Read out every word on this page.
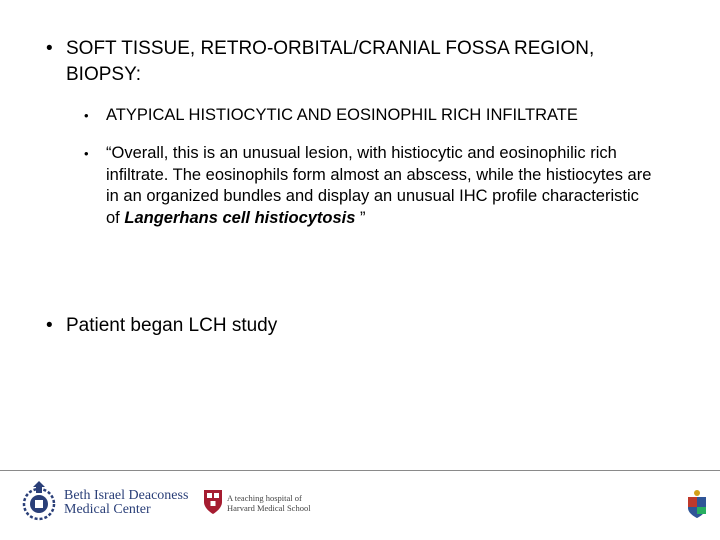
• SOFT TISSUE, RETRO-ORBITAL/CRANIAL FOSSA REGION, BIOPSY:
•	ATYPICAL HISTIOCYTIC AND EOSINOPHIL RICH INFILTRATE
•	“Overall, this is an unusual lesion, with histiocytic and eosinophilic rich infiltrate. The eosinophils form almost an abscess, while the histiocytes are in an organized bundles and display an unusual IHC profile characteristic of Langerhans cell histiocytosis ”
• Patient began LCH study
Beth Israel Deaconess
Medical Center
A teaching hospital of
Harvard Medical School
